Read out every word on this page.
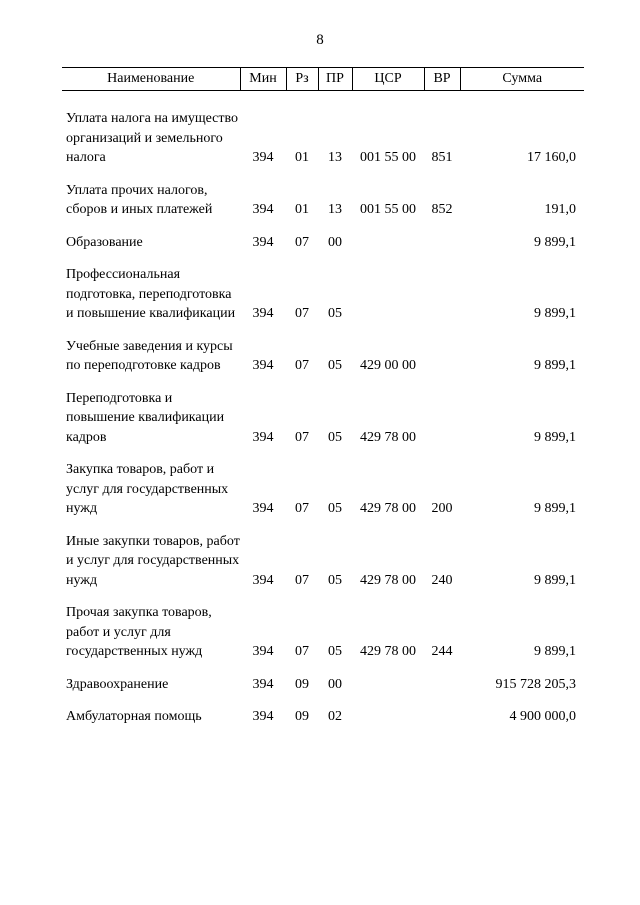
8
Наименование	Мин	Рз	ПР	ЦСР	ВР	Сумма

Уплата налога на имущество организаций и земельного налога	394	01	13	001 55 00	851	17 160,0
Уплата прочих налогов, сборов и иных платежей	394	01	13	001 55 00	852	191,0
Образование	394	07	00			9 899,1
Профессиональная подготовка, переподготовка и повышение квалификации	394	07	05			9 899,1
Учебные заведения и курсы по переподготовке кадров	394	07	05	429 00 00		9 899,1
Переподготовка и повышение квалификации кадров	394	07	05	429 78 00		9 899,1
Закупка товаров, работ и услуг для государственных нужд	394	07	05	429 78 00	200	9 899,1
Иные закупки товаров, работ и услуг для государственных нужд	394	07	05	429 78 00	240	9 899,1
Прочая закупка товаров, работ и услуг для государственных нужд	394	07	05	429 78 00	244	9 899,1
Здравоохранение	394	09	00			915 728 205,3
Амбулаторная помощь	394	09	02			4 900 000,0
